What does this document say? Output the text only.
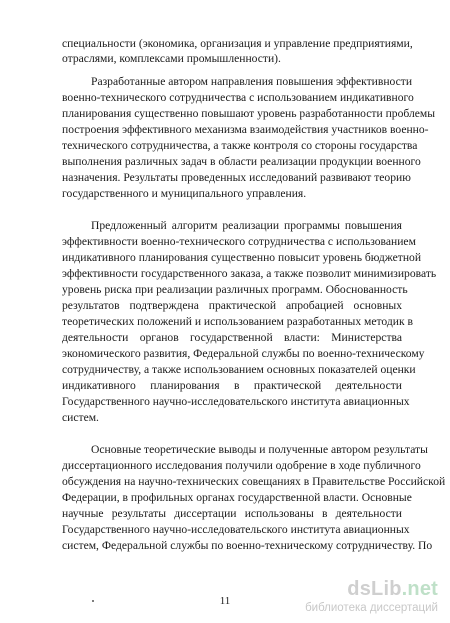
специальности (экономика, организация и управление предприятиями,
отраслями, комплексами промышленности).
Разработанные автором направления повышения эффективности
военно-технического сотрудничества с использованием индикативного
планирования существенно повышают уровень разработанности проблемы
построения эффективного механизма взаимодействия участников военно-
технического сотрудничества, а также контроля со стороны государства
выполнения различных задач в области реализации продукции военного
назначения. Результаты проведенных исследований развивают теорию
государственного и муниципального управления.
Предложенный алгоритм реализации программы повышения
эффективности военно-технического сотрудничества с использованием
индикативного планирования существенно повысит уровень бюджетной
эффективности государственного заказа, а также позволит минимизировать
уровень риска при реализации различных программ. Обоснованность
результатов подтверждена практической апробацией основных
теоретических положений и использованием разработанных методик в
деятельности органов государственной власти: Министерства
экономического развития, Федеральной службы по военно-техническому
сотрудничеству, а также использованием основных показателей оценки
индикативного планирования в практической деятельности
Государственного научно-исследовательского института авиационных
систем.
Основные теоретические выводы и полученные автором результаты
диссертационного исследования получили одобрение в ходе публичного
обсуждения на научно-технических совещаниях в Правительстве Российской
Федерации, в профильных органах государственной власти. Основные
научные результаты диссертации использованы в деятельности
Государственного научно-исследовательского института авиационных
систем, Федеральной службы по военно-техническому сотрудничеству. По
11
dsLib.net
библиотека диссертаций
